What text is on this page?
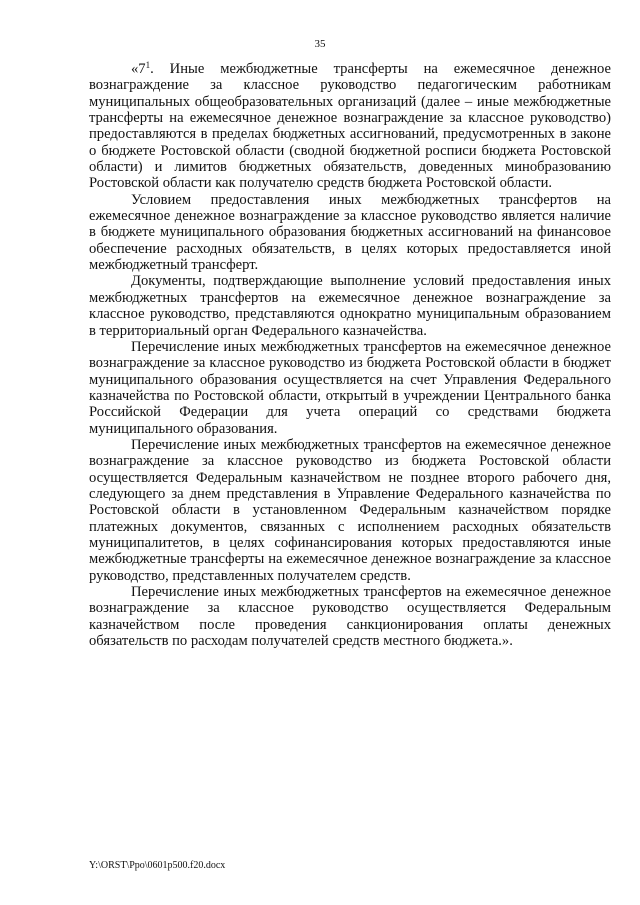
35

«$7^1$. Иные межбюджетные трансферты на ежемесячное денежное вознаграждение за классное руководство педагогическим работникам муниципальных общеобразовательных организаций (далее – иные межбюджетные трансферты на ежемесячное денежное вознаграждение за классное руководство) предоставляются в пределах бюджетных ассигнований, предусмотренных в законе о бюджете Ростовской области (сводной бюджетной росписи бюджета Ростовской области) и лимитов бюджетных обязательств, доведенных минобразованию Ростовской области как получателю средств бюджета Ростовской области.

Условием предоставления иных межбюджетных трансфертов на ежемесячное денежное вознаграждение за классное руководство является наличие в бюджете муниципального образования бюджетных ассигнований на финансовое обеспечение расходных обязательств, в целях которых предоставляется иной межбюджетный трансферт.

Документы, подтверждающие выполнение условий предоставления иных межбюджетных трансфертов на ежемесячное денежное вознаграждение за классное руководство, представляются однократно муниципальным образованием в территориальный орган Федерального казначейства.

Перечисление иных межбюджетных трансфертов на ежемесячное денежное вознаграждение за классное руководство из бюджета Ростовской области в бюджет муниципального образования осуществляется на счет Управления Федерального казначейства по Ростовской области, открытый в учреждении Центрального банка Российской Федерации для учета операций со средствами бюджета муниципального образования.

Перечисление иных межбюджетных трансфертов на ежемесячное денежное вознаграждение за классное руководство из бюджета Ростовской области осуществляется Федеральным казначейством не позднее второго рабочего дня, следующего за днем представления в Управление Федерального казначейства по Ростовской области в установленном Федеральным казначейством порядке платежных документов, связанных с исполнением расходных обязательств муниципалитетов, в целях софинансирования которых предоставляются иные межбюджетные трансферты на ежемесячное денежное вознаграждение за классное руководство, представленных получателем средств.

Перечисление иных межбюджетных трансфертов на ежемесячное денежное вознаграждение за классное руководство осуществляется Федеральным казначейством после проведения санкционирования оплаты денежных обязательств по расходам получателей средств местного бюджета.».

Y:\ORST\Ppo\0601p500.f20.docx
